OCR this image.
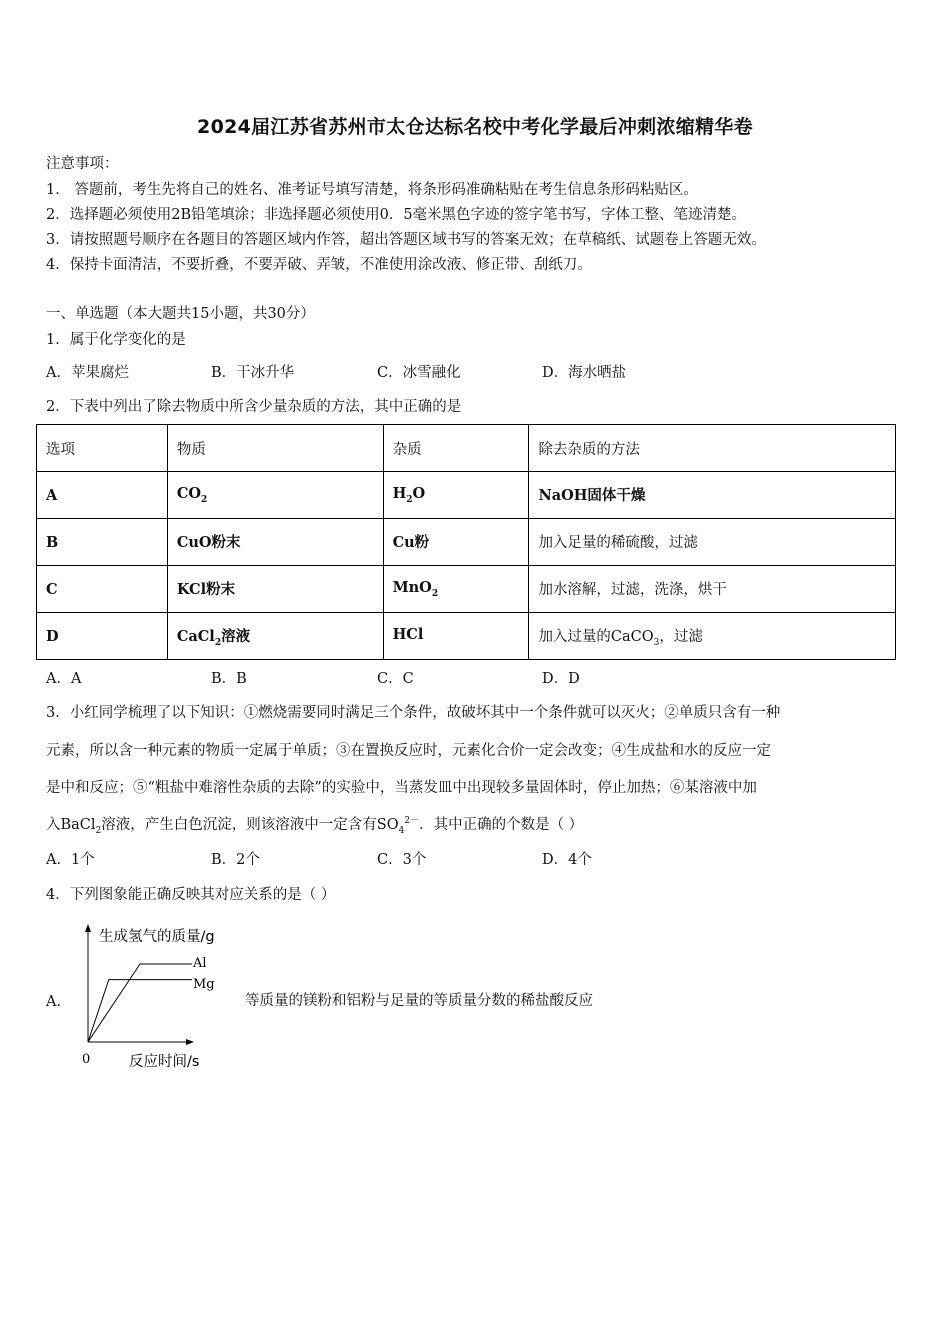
2024届江苏省苏州市太仓达标名校中考化学最后冲刺浓缩精华卷
注意事项：
1． 答题前，考生先将自己的姓名、准考证号填写清楚，将条形码准确粘贴在考生信息条形码粘贴区。
2．选择题必须使用2B铅笔填涂；非选择题必须使用0．5毫米黑色字迹的签字笔书写，字体工整、笔迹清楚。
3．请按照题号顺序在各题目的答题区域内作答，超出答题区域书写的答案无效；在草稿纸、试题卷上答题无效。
4．保持卡面清洁，不要折叠，不要弄破、弄皱，不准使用涂改液、修正带、刮纸刀。
一、单选题（本大题共15小题，共30分）
1．属于化学变化的是
A．苹果腐烂	B．干冰升华	C．冰雪融化	D．海水晒盐
2．下表中列出了除去物质中所含少量杂质的方法，其中正确的是
选项	物质	杂质	除去杂质的方法
A	$CO_2$	$H_2O$	NaOH固体干燥
B	CuO粉末	Cu粉	加入足量的稀硫酸，过滤
C	KCl粉末	MnO$_2$	加水溶解，过滤，洗涤，烘干
D	CaCl$_2$溶液	HCl	加入过量的CaCO$_3$，过滤
A．A	B．B	C．C	D．D
3．小红同学梳理了以下知识：①燃烧需要同时满足三个条件，故破坏其中一个条件就可以灭火；②单质只含有一种
元素，所以含一种元素的物质一定属于单质；③在置换反应时，元素化合价一定会改变；④生成盐和水的反应一定
是中和反应；⑤“粗盐中难溶性杂质的去除”的实验中，当蒸发皿中出现较多量固体时，停止加热；⑥某溶液中加
入BaCl$_2$溶液，产生白色沉淀，则该溶液中一定含有$SO_4^{2-}$．其中正确的个数是（ ）
A．1个	B．2个	C．3个	D．4个
4．下列图象能正确反映其对应关系的是（ ）
A．
生成氢气的质量/g
反应时间/s
0
Al
Mg
等质量的镁粉和铝粉与足量的等质量分数的稀盐酸反应
